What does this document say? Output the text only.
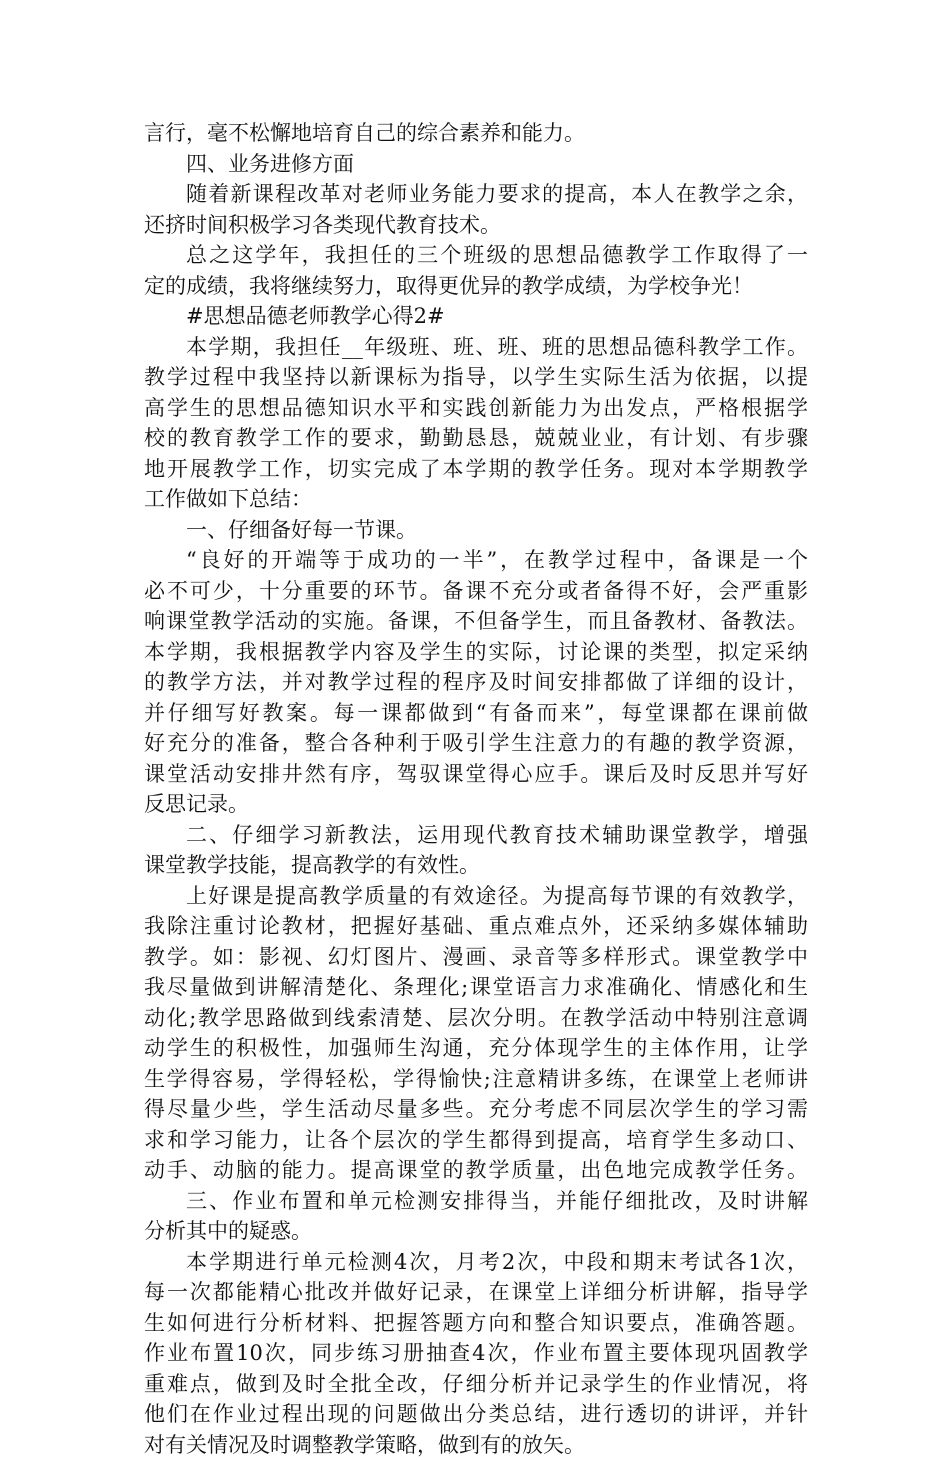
言行，毫不松懈地培育自己的综合素养和能力。
四、业务进修方面
随着新课程改革对老师业务能力要求的提高，本人在教学之余，
还挤时间积极学习各类现代教育技术。
总之这学年，我担任的三个班级的思想品德教学工作取得了一
定的成绩，我将继续努力，取得更优异的教学成绩，为学校争光！
#思想品德老师教学心得2#
本学期，我担任__年级班、班、班、班的思想品德科教学工作。
教学过程中我坚持以新课标为指导，以学生实际生活为依据，以提
高学生的思想品德知识水平和实践创新能力为出发点，严格根据学
校的教育教学工作的要求，勤勤恳恳，兢兢业业，有计划、有步骤
地开展教学工作，切实完成了本学期的教学任务。现对本学期教学
工作做如下总结：
一、仔细备好每一节课。
“良好的开端等于成功的一半”，在教学过程中，备课是一个
必不可少，十分重要的环节。备课不充分或者备得不好，会严重影
响课堂教学活动的实施。备课，不但备学生，而且备教材、备教法。
本学期，我根据教学内容及学生的实际，讨论课的类型，拟定采纳
的教学方法，并对教学过程的程序及时间安排都做了详细的设计，
并仔细写好教案。每一课都做到“有备而来”，每堂课都在课前做
好充分的准备，整合各种利于吸引学生注意力的有趣的教学资源，
课堂活动安排井然有序，驾驭课堂得心应手。课后及时反思并写好
反思记录。
二、仔细学习新教法，运用现代教育技术辅助课堂教学，增强
课堂教学技能，提高教学的有效性。
上好课是提高教学质量的有效途径。为提高每节课的有效教学，
我除注重讨论教材，把握好基础、重点难点外，还采纳多媒体辅助
教学。如：影视、幻灯图片、漫画、录音等多样形式。课堂教学中
我尽量做到讲解清楚化、条理化;课堂语言力求准确化、情感化和生
动化;教学思路做到线索清楚、层次分明。在教学活动中特别注意调
动学生的积极性，加强师生沟通，充分体现学生的主体作用，让学
生学得容易，学得轻松，学得愉快;注意精讲多练，在课堂上老师讲
得尽量少些，学生活动尽量多些。充分考虑不同层次学生的学习需
求和学习能力，让各个层次的学生都得到提高，培育学生多动口、
动手、动脑的能力。提高课堂的教学质量，出色地完成教学任务。
三、作业布置和单元检测安排得当，并能仔细批改，及时讲解
分析其中的疑惑。
本学期进行单元检测4次，月考2次，中段和期末考试各1次，
每一次都能精心批改并做好记录，在课堂上详细分析讲解，指导学
生如何进行分析材料、把握答题方向和整合知识要点，准确答题。
作业布置10次，同步练习册抽查4次，作业布置主要体现巩固教学
重难点，做到及时全批全改，仔细分析并记录学生的作业情况，将
他们在作业过程出现的问题做出分类总结，进行透切的讲评，并针
对有关情况及时调整教学策略，做到有的放矢。
